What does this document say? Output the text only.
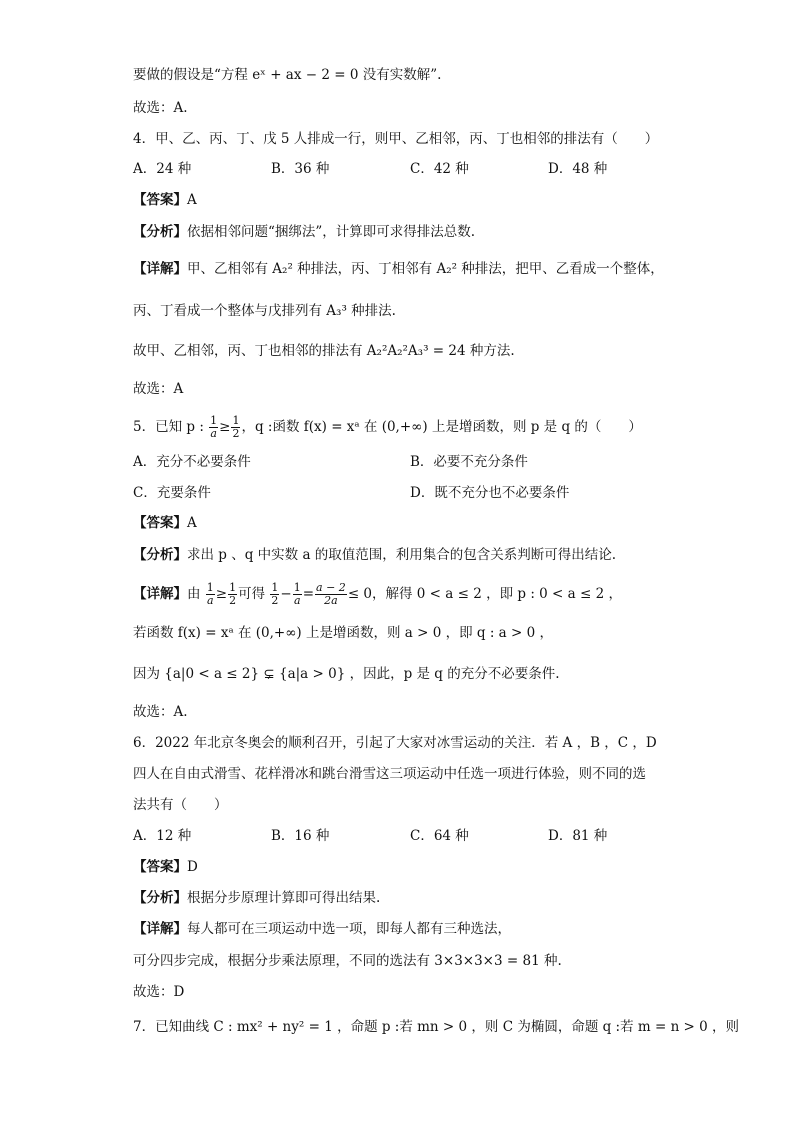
要做的假设是“方程 eˣ + ax − 2 = 0 没有实数解”.
故选：A.
4．甲、乙、丙、丁、戊 5 人排成一行，则甲、乙相邻，丙、丁也相邻的排法有（　　）
A．24 种	B．36 种	C．42 种	D．48 种
【答案】A
【分析】依据相邻问题“捆绑法”，计算即可求得排法总数.
【详解】甲、乙相邻有 A₂² 种排法，丙、丁相邻有 A₂² 种排法，把甲、乙看成一个整体，
丙、丁看成一个整体与戊排列有 A₃³ 种排法.
故甲、乙相邻，丙、丁也相邻的排法有 A₂²A₂²A₃³ = 24 种方法.
故选：A
5．已知 p : $\frac{1}{a} \ge \frac{1}{2}$ ，q :函数 f(x) = xᵃ 在 (0,+∞) 上是增函数，则 p 是 q 的（　　）
A．充分不必要条件	B．必要不充分条件
C．充要条件	D．既不充分也不必要条件
【答案】A
【分析】求出 p 、q 中实数 a 的取值范围，利用集合的包含关系判断可得出结论.
【详解】由 $\frac{1}{a} \ge \frac{1}{2}$ 可得 $\frac{1}{2} - \frac{1}{a} = \frac{a - 2}{2a} \le 0$，解得 0 < a ≤ 2 ，即 p : 0 < a ≤ 2 ，
若函数 f(x) = xᵃ 在 (0,+∞) 上是增函数，则 a > 0 ，即 q : a > 0 ，
因为 {a|0 < a ≤ 2} ⊊ {a|a > 0} ，因此，p 是 q 的充分不必要条件.
故选：A.
6．2022 年北京冬奥会的顺利召开，引起了大家对冰雪运动的关注．若 A ，B ，C ，D
四人在自由式滑雪、花样滑冰和跳台滑雪这三项运动中任选一项进行体验，则不同的选
法共有（　　）
A．12 种	B．16 种	C．64 种	D．81 种
【答案】D
【分析】根据分步原理计算即可得出结果.
【详解】每人都可在三项运动中选一项，即每人都有三种选法，
可分四步完成，根据分步乘法原理，不同的选法有 3×3×3×3 = 81 种.
故选：D
7．已知曲线 C : mx² + ny² = 1 ，命题 p :若 mn > 0 ，则 C 为椭圆，命题 q :若 m = n > 0 ，则
